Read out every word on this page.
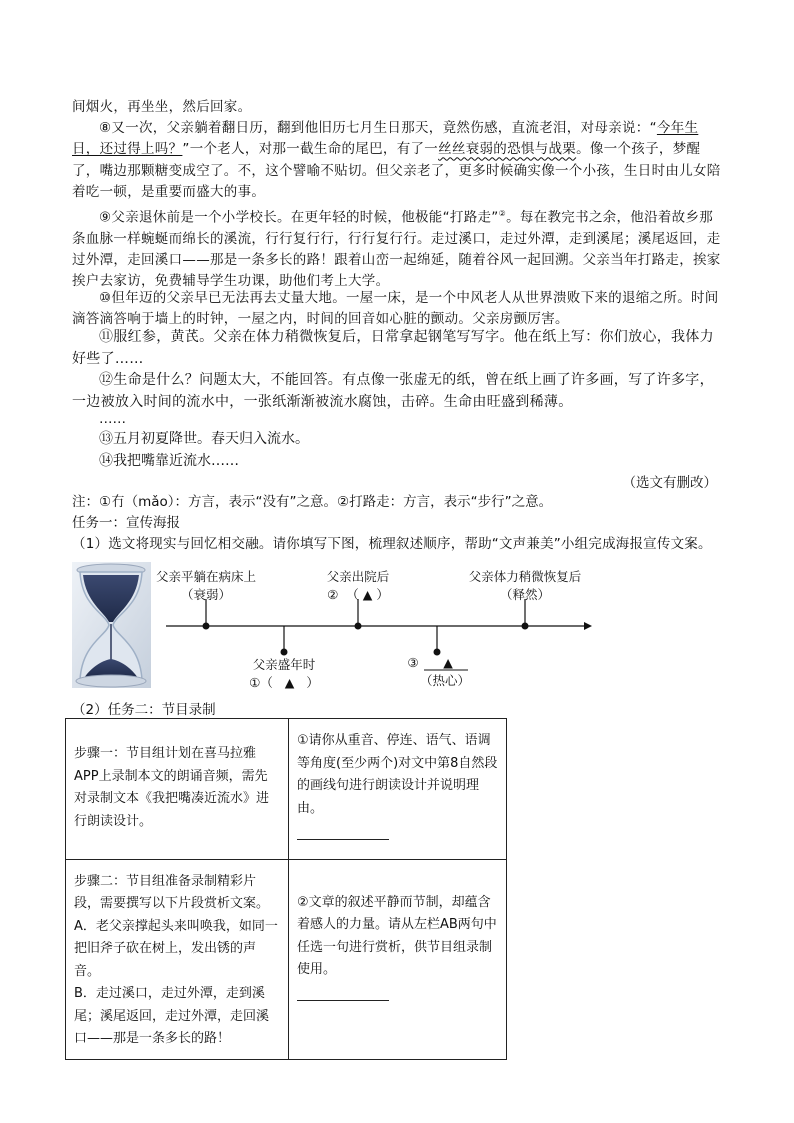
间烟火，再坐坐，然后回家。
⑧又一次，父亲躺着翻日历，翻到他旧历七月生日那天，竟然伤感，直流老泪，对母亲说：“今年生日，还过得上吗？”一个老人，对那一截生命的尾巴，有了一丝丝衰弱的恐惧与战栗。像一个孩子，梦醒了，嘴边那颗糖变成空了。不，这个譬喻不贴切。但父亲老了，更多时候确实像一个小孩，生日时由儿女陪着吃一顿，是重要而盛大的事。
⑨父亲退休前是一个小学校长。在更年轻的时候，他极能“打路走”②。每在教完书之余，他沿着故乡那条血脉一样蜿蜒而绵长的溪流，行行复行行，行行复行行。走过溪口，走过外潭，走到溪尾；溪尾返回，走过外潭，走回溪口——那是一条多长的路！跟着山峦一起绵延，随着谷风一起回溯。父亲当年打路走，挨家挨户去家访，免费辅导学生功课，助他们考上大学。
⑩但年迈的父亲早已无法再去丈量大地。一屋一床，是一个中风老人从世界溃败下来的退缩之所。时间滴答滴答响于墙上的时钟，一屋之内，时间的回音如心脏的颤动。父亲房颤厉害。
⑪服红参，黄芪。父亲在体力稍微恢复后，日常拿起钢笔写写字。他在纸上写：你们放心，我体力好些了……
⑫生命是什么？问题太大，不能回答。有点像一张虚无的纸，曾在纸上画了许多画，写了许多字，一边被放入时间的流水中，一张纸渐渐被流水腐蚀，击碎。生命由旺盛到稀薄。
……
⑬五月初夏降世。春天归入流水。
⑭我把嘴靠近流水……
（选文有删改）
注：①冇（mǎo）：方言，表示“没有”之意。②打路走：方言，表示“步行”之意。
任务一：宣传海报
（1）选文将现实与回忆相交融。请你填写下图，梳理叙述顺序，帮助“文声兼美”小组完成海报宣传文案。
父亲平躺在病床上
（衰弱）
父亲出院后
②  （ ▲ ）
父亲体力稍微恢复后
（释然）
父亲盛年时
①（   ▲   ）
③	▲
（热心）
（2）任务二：节目录制
步骤一：节目组计划在喜马拉雅APP上录制本文的朗诵音频，需先对录制文本《我把嘴凑近流水》进行朗读设计。	①请你从重音、停连、语气、语调等角度(至少两个)对文中第8自然段的画线句进行朗读设计并说明理由。

步骤二：节目组准备录制精彩片段，需要撰写以下片段赏析文案。
A．老父亲撑起头来叫唤我，如同一把旧斧子砍在树上，发出锈的声音。
B．走过溪口，走过外潭，走到溪尾；溪尾返回，走过外潭，走回溪口——那是一条多长的路！	②文章的叙述平静而节制，却蕴含着感人的力量。请从左栏AB两句中任选一句进行赏析，供节目组录制使用。
